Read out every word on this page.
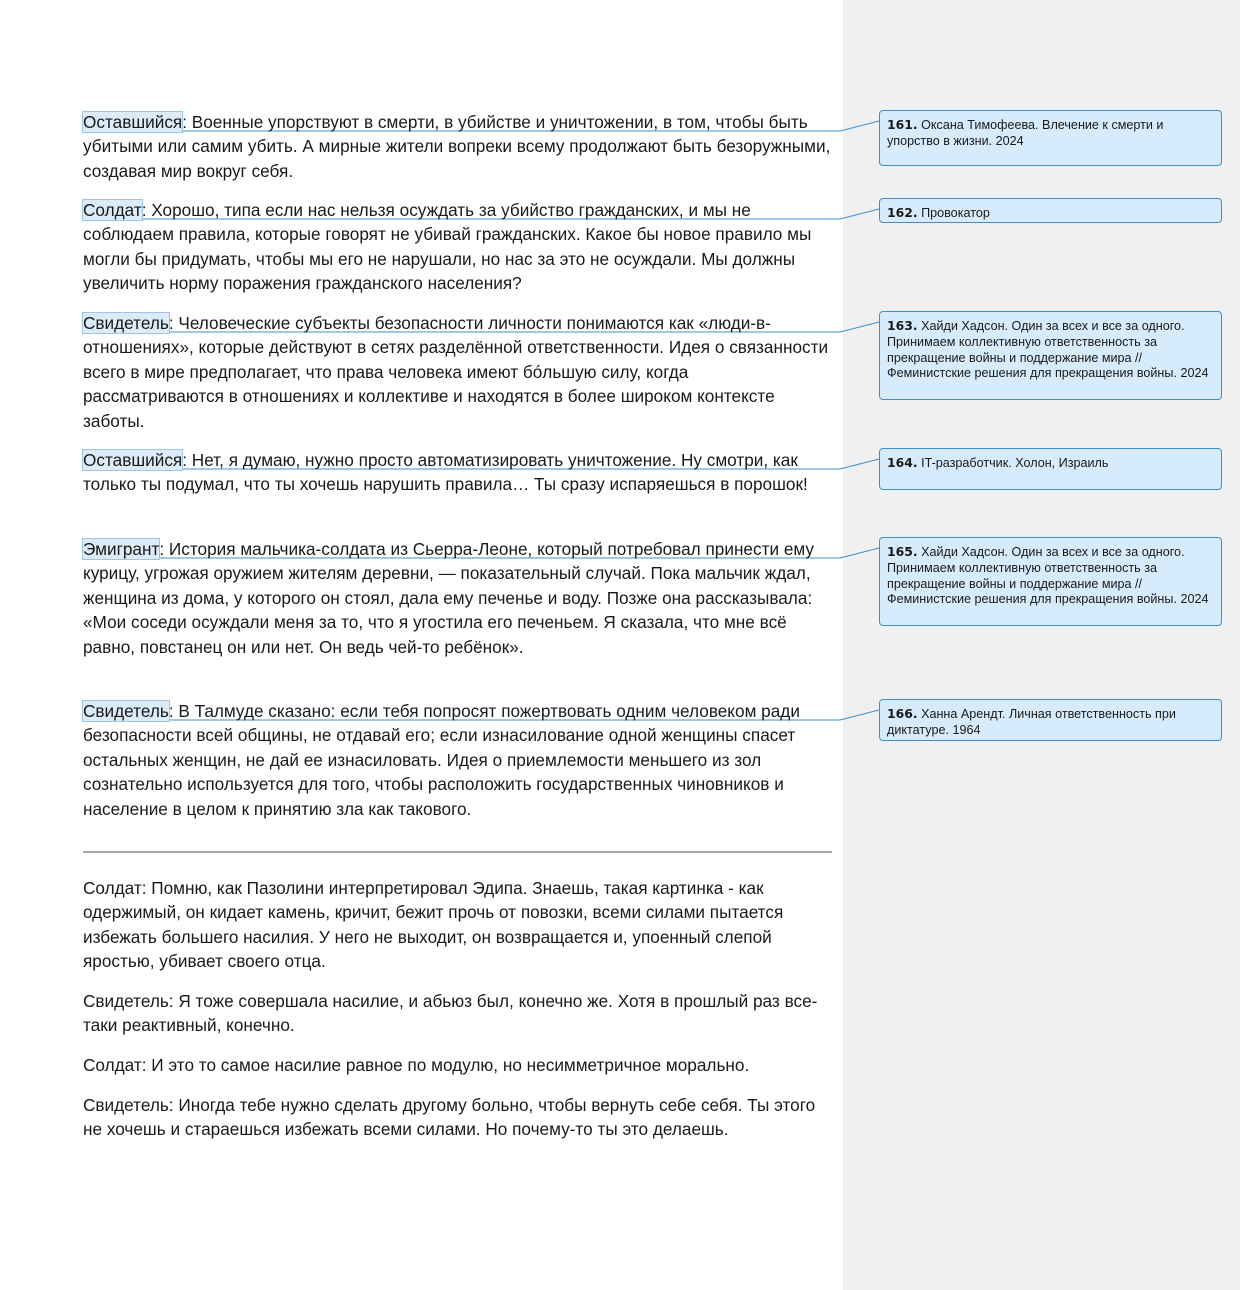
Оставшийся: Военные упорствуют в смерти, в убийстве и уничтожении, в том, чтобы быть убитыми или самим убить. А мирные жители вопреки всему продолжают быть безоружными, создавая мир вокруг себя.

Солдат: Хорошо, типа если нас нельзя осуждать за убийство гражданских, и мы не соблюдаем правила, которые говорят не убивай гражданских. Какое бы новое правило мы могли бы придумать, чтобы мы его не нарушали, но нас за это не осуждали. Мы должны увеличить норму поражения гражданского населения?

Свидетель: Человеческие субъекты безопасности личности понимаются как «люди-в-отношениях», которые действуют в сетях разделённой ответственности. Идея о связанности всего в мире предполагает, что права человека имеют бóльшую силу, когда рассматриваются в отношениях и коллективе и находятся в более широком контексте заботы.

Оставшийся: Нет, я думаю, нужно просто автоматизировать уничтожение. Ну смотри, как только ты подумал, что ты хочешь нарушить правила… Ты сразу испаряешься в порошок!

Эмигрант: История мальчика-солдата из Сьерра-Леоне, который потребовал принести ему курицу, угрожая оружием жителям деревни, — показательный случай. Пока мальчик ждал, женщина из дома, у которого он стоял, дала ему печенье и воду. Позже она рассказывала: «Мои соседи осуждали меня за то, что я угостила его печеньем. Я сказала, что мне всё равно, повстанец он или нет. Он ведь чей-то ребёнок».

Свидетель: В Талмуде сказано: если тебя попросят пожертвовать одним человеком ради безопасности всей общины, не отдавай его; если изнасилование одной женщины спасет остальных женщин, не дай ее изнасиловать. Идея о приемлемости меньшего из зол сознательно используется для того, чтобы расположить государственных чиновников и население в целом к принятию зла как такового.

Солдат: Помню, как Пазолини интерпретировал Эдипа. Знаешь, такая картинка - как одержимый, он кидает камень, кричит, бежит прочь от повозки, всеми силами пытается избежать большего насилия. У него не выходит, он возвращается и, упоенный слепой яростью, убивает своего отца.

Свидетель: Я тоже совершала насилие, и абьюз был, конечно же. Хотя в прошлый раз все-таки реактивный, конечно.

Солдат: И это то самое насилие равное по модулю, но несимметричное морально.

Свидетель: Иногда тебе нужно сделать другому больно, чтобы вернуть себе себя. Ты этого не хочешь и стараешься избежать всеми силами. Но почему-то ты это делаешь.

161. Оксана Тимофеева. Влечение к смерти и упорство в жизни. 2024
162. Провокатор
163. Хайди Хадсон. Один за всех и все за одного. Принимаем коллективную ответственность за прекращение войны и поддержание мира // Феминистские решения для прекращения войны. 2024
164. IT-разработчик. Холон, Израиль
165. Хайди Хадсон. Один за всех и все за одного. Принимаем коллективную ответственность за прекращение войны и поддержание мира // Феминистские решения для прекращения войны. 2024
166. Ханна Арендт. Личная ответственность при диктатуре. 1964
